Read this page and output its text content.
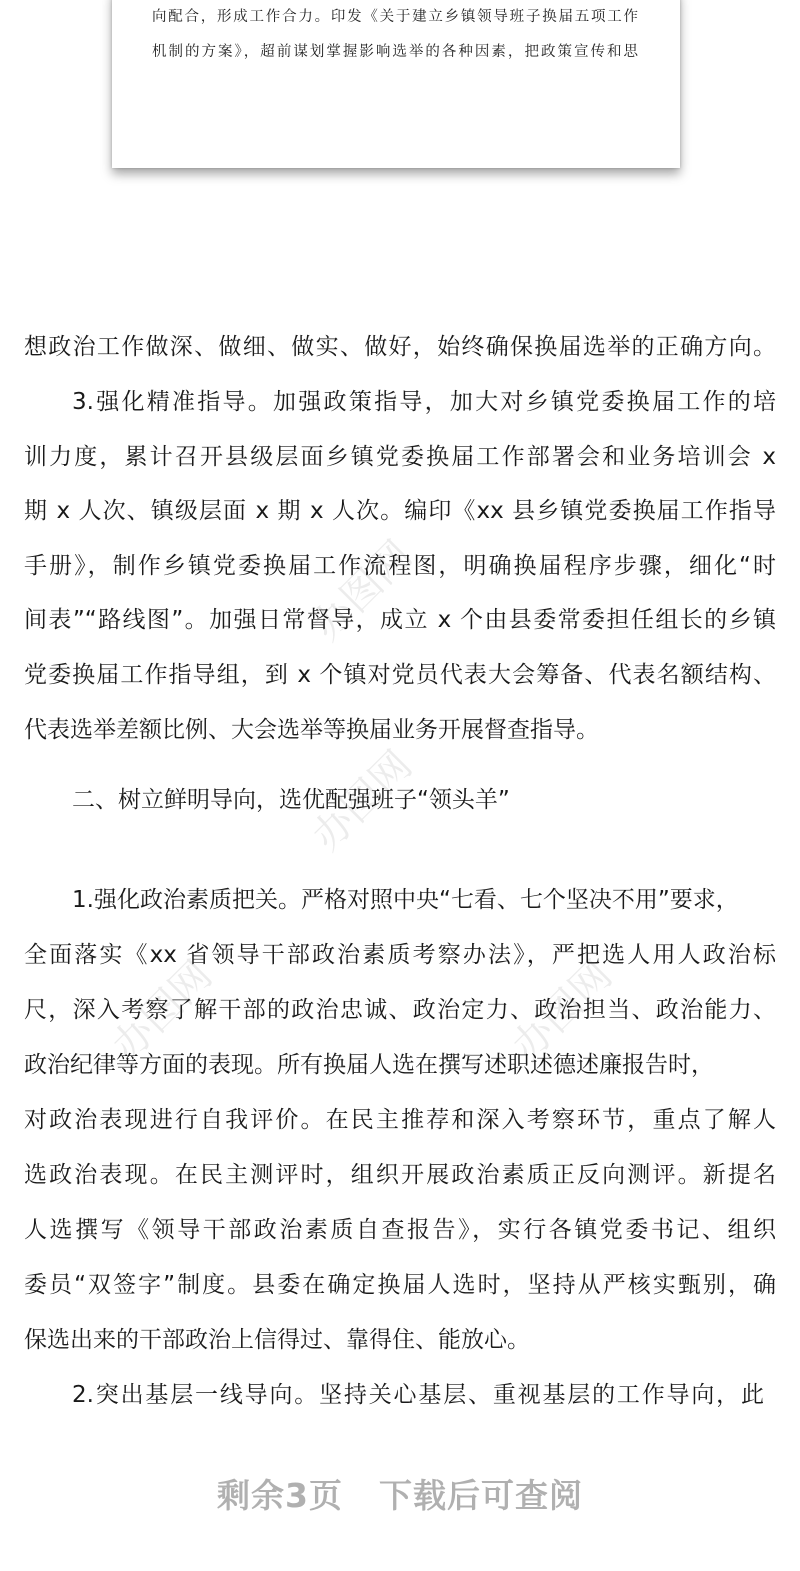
向配合，形成工作合力。印发《关于建立乡镇领导班子换届五项工作
机制的方案》，超前谋划掌握影响选举的各种因素，把政策宣传和思
办图网
办图网	办图网
办图网
想政治工作做深、做细、做实、做好，始终确保换届选举的正确方向。
3.强化精准指导。加强政策指导，加大对乡镇党委换届工作的培
训力度，累计召开县级层面乡镇党委换届工作部署会和业务培训会 x
期 x 人次、镇级层面 x 期 x 人次。编印《xx 县乡镇党委换届工作指导
手册》，制作乡镇党委换届工作流程图，明确换届程序步骤，细化“时
间表”“路线图”。加强日常督导，成立 x 个由县委常委担任组长的乡镇
党委换届工作指导组，到 x 个镇对党员代表大会筹备、代表名额结构、
代表选举差额比例、大会选举等换届业务开展督查指导。
二、树立鲜明导向，选优配强班子“领头羊”
1.强化政治素质把关。严格对照中央“七看、七个坚决不用”要求，
全面落实《xx 省领导干部政治素质考察办法》，严把选人用人政治标
尺，深入考察了解干部的政治忠诚、政治定力、政治担当、政治能力、
政治纪律等方面的表现。所有换届人选在撰写述职述德述廉报告时，
对政治表现进行自我评价。在民主推荐和深入考察环节，重点了解人
选政治表现。在民主测评时，组织开展政治素质正反向测评。新提名
人选撰写《领导干部政治素质自查报告》，实行各镇党委书记、组织
委员“双签字”制度。县委在确定换届人选时，坚持从严核实甄别，确
保选出来的干部政治上信得过、靠得住、能放心。
2.突出基层一线导向。坚持关心基层、重视基层的工作导向，此
剩余3页 下载后可查阅
